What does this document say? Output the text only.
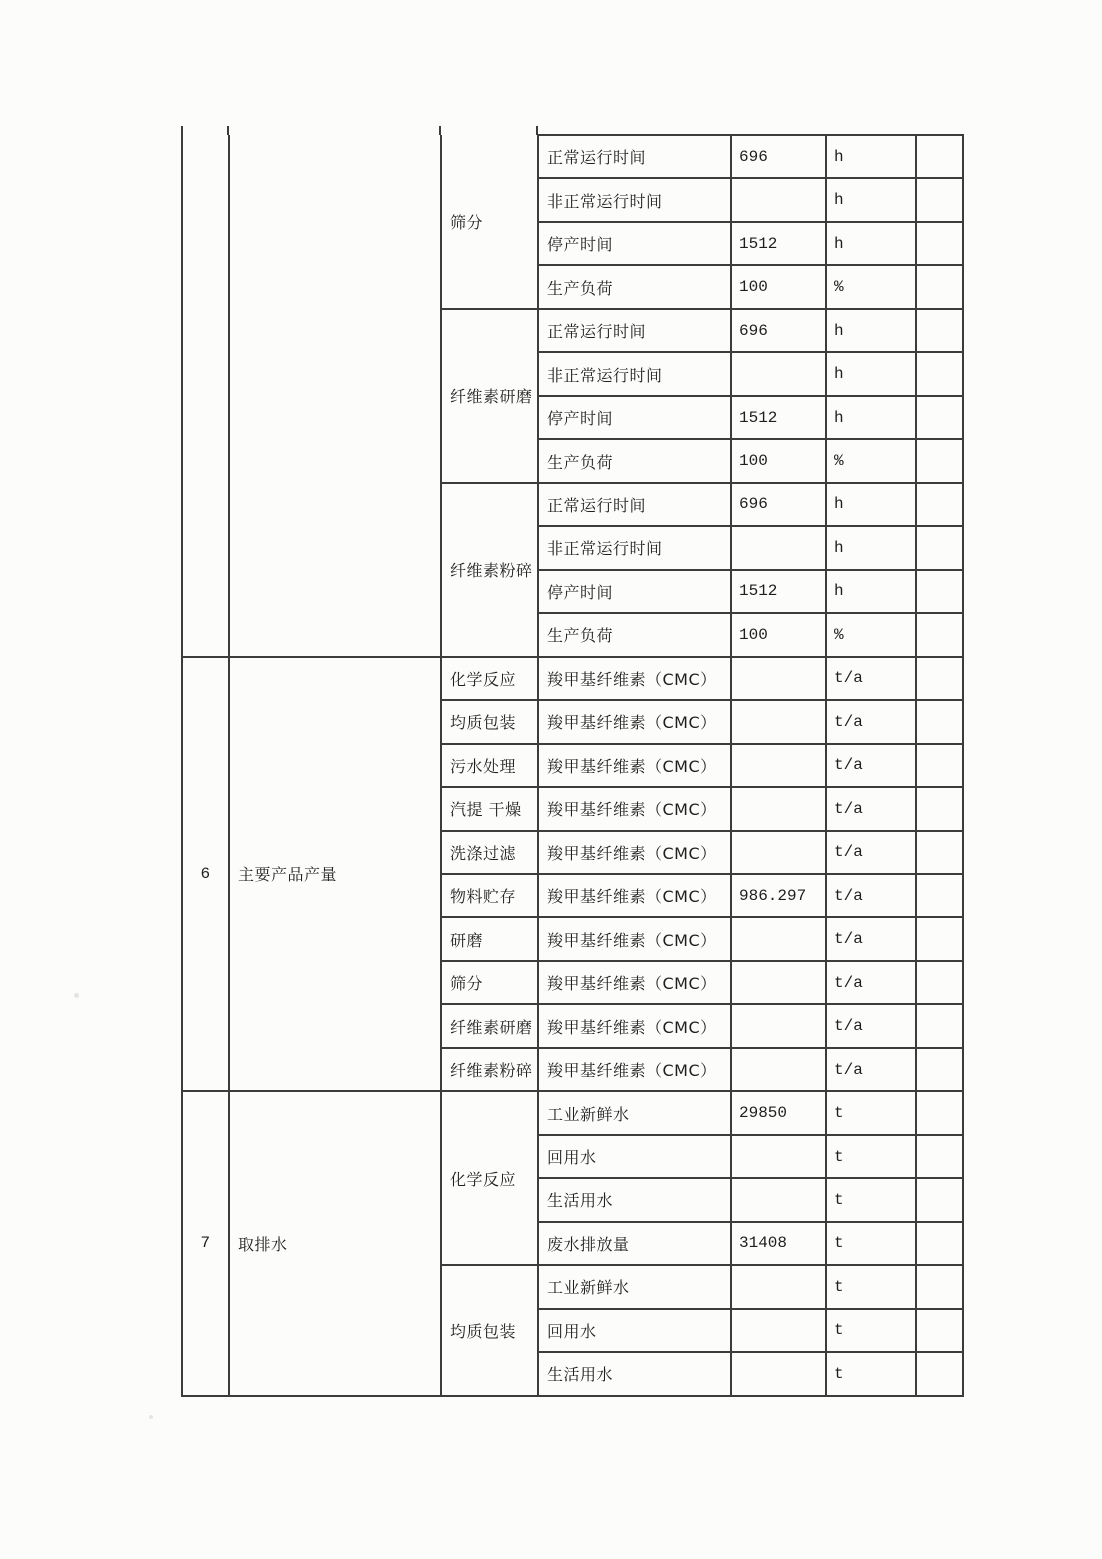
		筛分	正常运行时间	696	h	
			非正常运行时间		h	
			停产时间	1512	h	
			生产负荷	100	%	
		纤维素研磨	正常运行时间	696	h	
			非正常运行时间		h	
			停产时间	1512	h	
			生产负荷	100	%	
		纤维素粉碎	正常运行时间	696	h	
			非正常运行时间		h	
			停产时间	1512	h	
			生产负荷	100	%	
6	主要产品产量	化学反应	羧甲基纤维素（CMC）		t/a	
		均质包装	羧甲基纤维素（CMC）		t/a	
		污水处理	羧甲基纤维素（CMC）		t/a	
		汽提 干燥	羧甲基纤维素（CMC）		t/a	
		洗涤过滤	羧甲基纤维素（CMC）		t/a	
		物料贮存	羧甲基纤维素（CMC）	986.297	t/a	
		研磨	羧甲基纤维素（CMC）		t/a	
		筛分	羧甲基纤维素（CMC）		t/a	
		纤维素研磨	羧甲基纤维素（CMC）		t/a	
		纤维素粉碎	羧甲基纤维素（CMC）		t/a	
7	取排水	化学反应	工业新鲜水	29850	t	
			回用水		t	
			生活用水		t	
			废水排放量	31408	t	
		均质包装	工业新鲜水		t	
			回用水		t	
			生活用水		t	
